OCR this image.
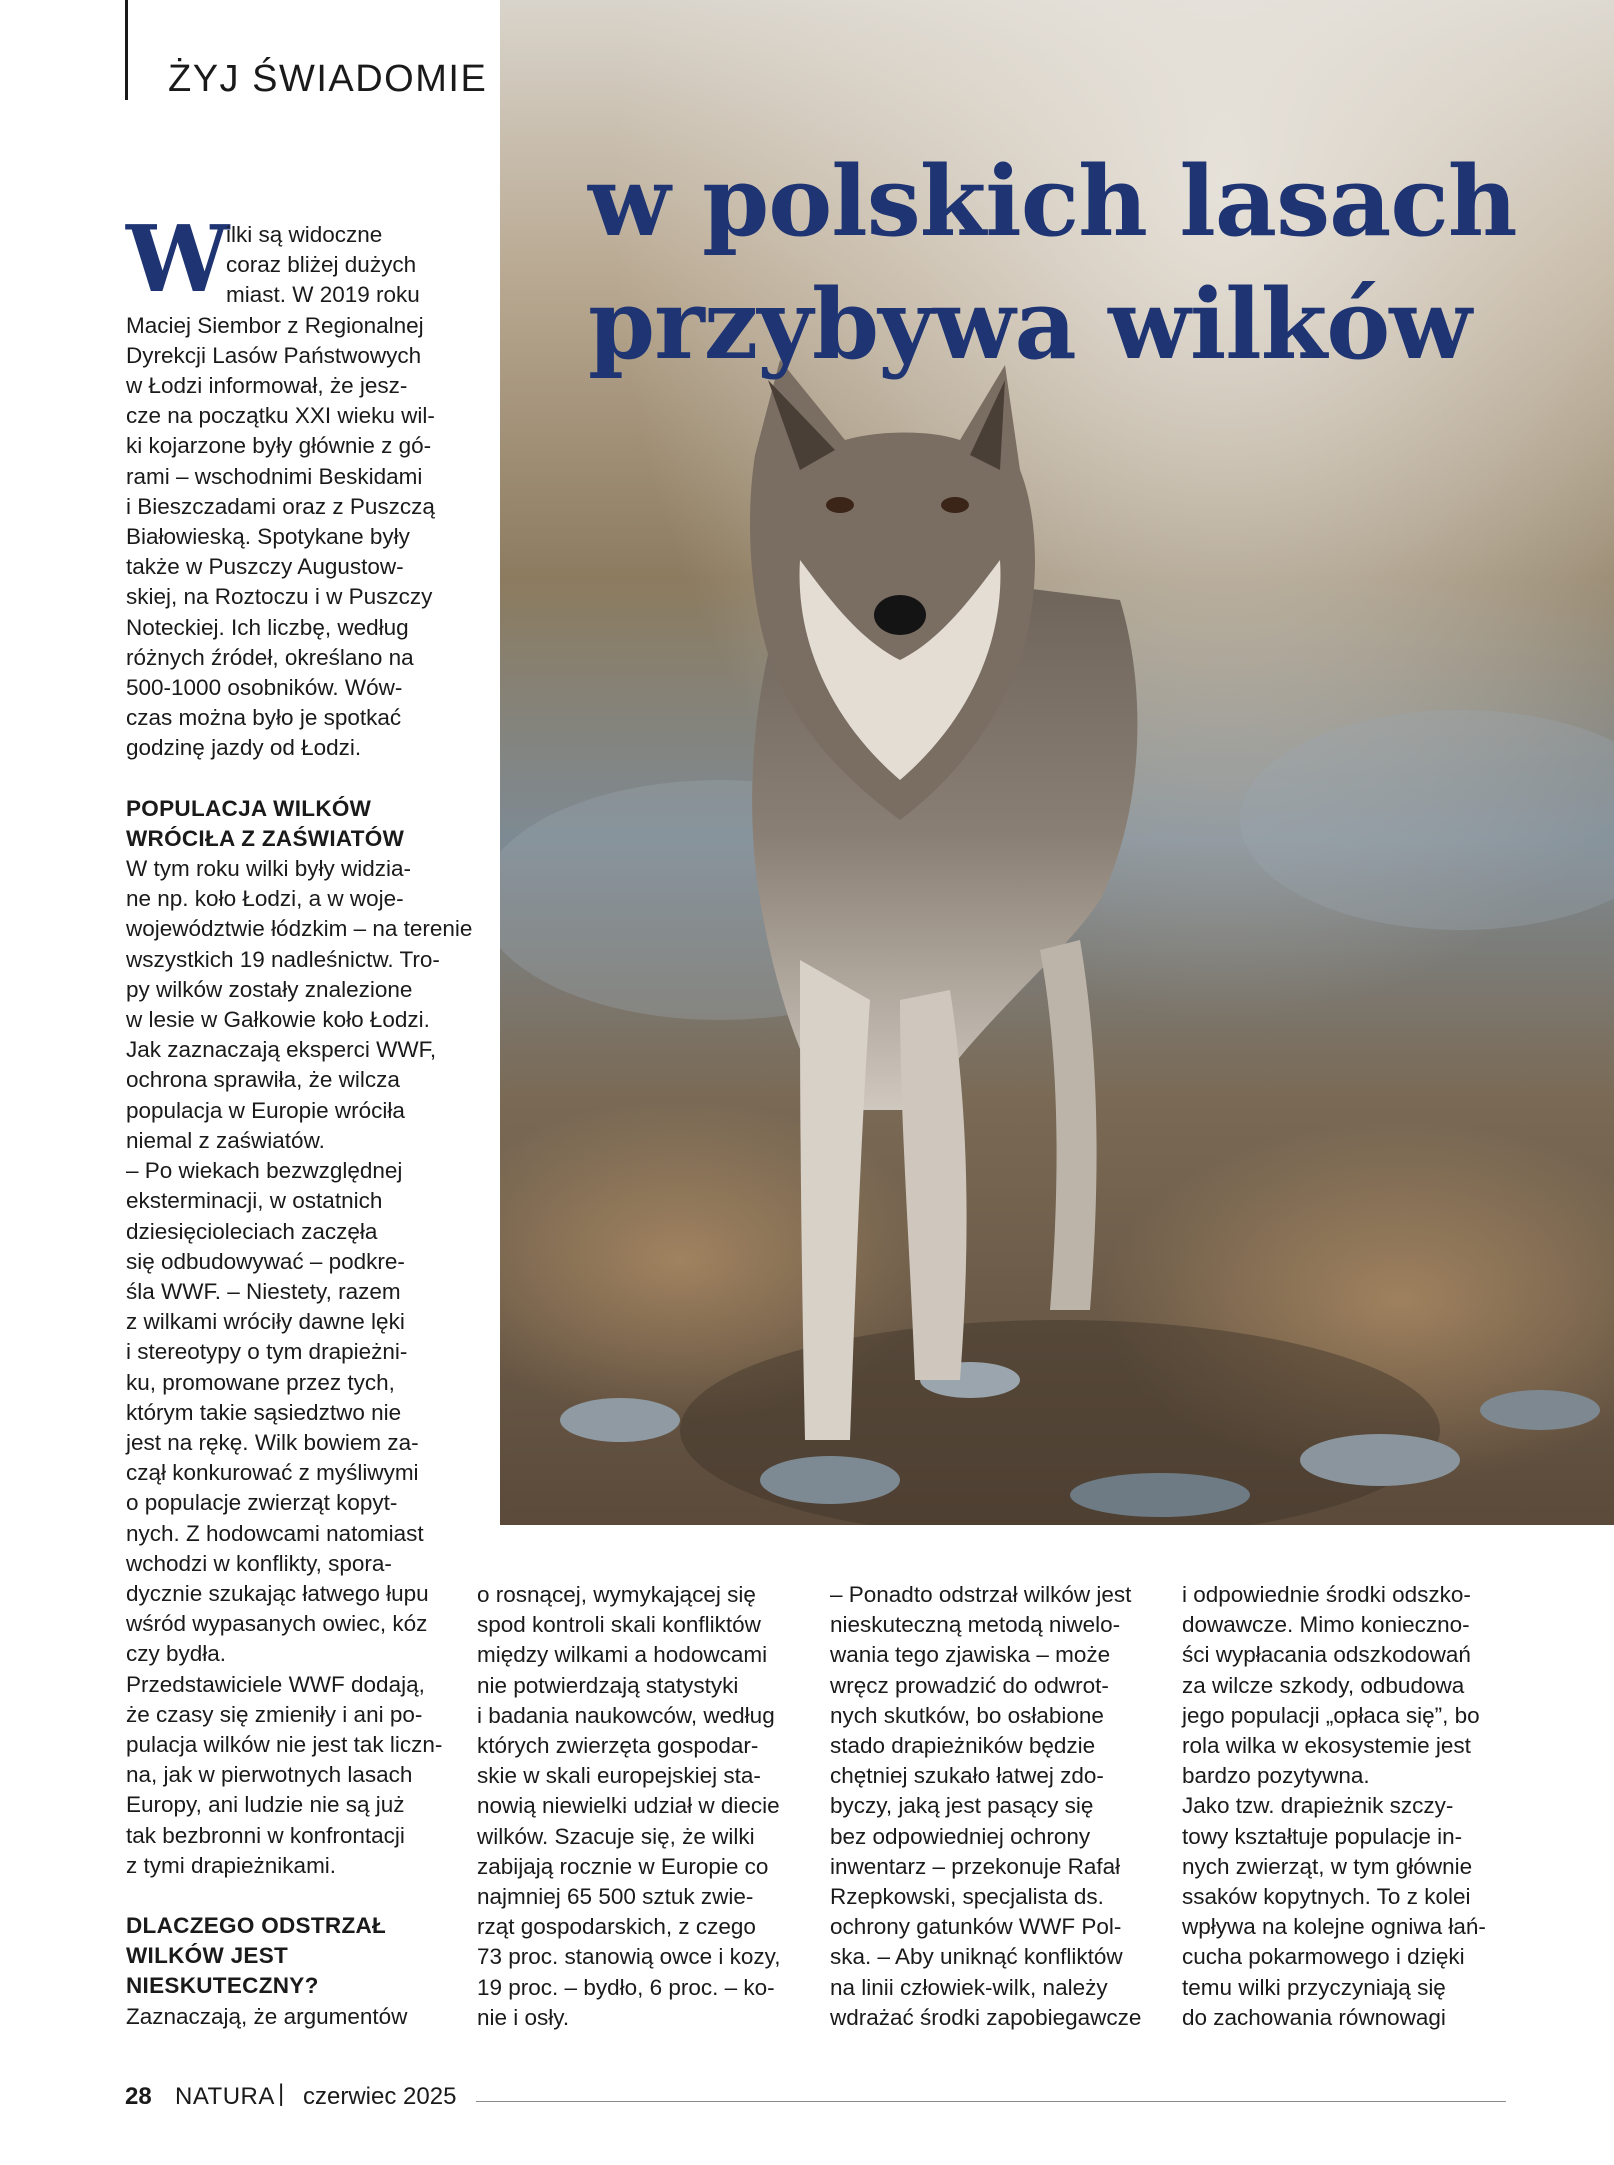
ŻYJ ŚWIADOMIE
w polskich lasach
przybywa wilków
W

ilki są widoczne

coraz bliżej dużych

miast. W 2019 roku

Maciej Siembor z Regionalnej

Dyrekcji Lasów Państwowych

w Łodzi informował, że jesz-

cze na początku XXI wieku wil-

ki kojarzone były głównie z gó-

rami – wschodnimi Beskidami

i Bieszczadami oraz z Puszczą

Białowieską. Spotykane były

także w Puszczy Augustow-

skiej, na Roztoczu i w Puszczy

Noteckiej. Ich liczbę, według

różnych źródeł, określano na

500-1000 osobników. Wów-

czas można było je spotkać

godzinę jazdy od Łodzi.

POPULACJA WILKÓW
WRÓCIŁA Z ZAŚWIATÓW

W tym roku wilki były widzia-

ne np. koło Łodzi, a w woje-

województwie łódzkim – na terenie

wszystkich 19 nadleśnictw. Tro-

py wilków zostały znalezione

w lesie w Gałkowie koło Łodzi.

Jak zaznaczają eksperci WWF,

ochrona sprawiła, że wilcza

populacja w Europie wróciła

niemal z zaświatów.

– Po wiekach bezwzględnej

eksterminacji, w ostatnich

dziesięcioleciach zaczęła

się odbudowywać – podkre-

śla WWF. – Niestety, razem

z wilkami wróciły dawne lęki

i stereotypy o tym drapieżni-

ku, promowane przez tych,

którym takie sąsiedztwo nie

jest na rękę. Wilk bowiem za-

czął konkurować z myśliwymi

o populacje zwierząt kopyt-

nych. Z hodowcami natomiast

wchodzi w konflikty, spora-

dycznie szukając łatwego łupu

wśród wypasanych owiec, kóz

czy bydła.

Przedstawiciele WWF dodają,

że czasy się zmieniły i ani po-

pulacja wilków nie jest tak liczn-

na, jak w pierwotnych lasach

Europy, ani ludzie nie są już

tak bezbronni w konfrontacji

z tymi drapieżnikami.

DLACZEGO ODSTRZAŁ
WILKÓW JEST
NIESKUTECZNY?

Zaznaczają, że argumentów

o rosnącej, wymykającej się

spod kontroli skali konfliktów

między wilkami a hodowcami

nie potwierdzają statystyki

i badania naukowców, według

których zwierzęta gospodar-

skie w skali europejskiej sta-

nowią niewielki udział w diecie

wilków. Szacuje się, że wilki

zabijają rocznie w Europie co

najmniej 65 500 sztuk zwie-

rząt gospodarskich, z czego

73 proc. stanowią owce i kozy,

19 proc. – bydło, 6 proc. – ko-

nie i osły.

– Ponadto odstrzał wilków jest

nieskuteczną metodą niwelo-

wania tego zjawiska – może

wręcz prowadzić do odwrot-

nych skutków, bo osłabione

stado drapieżników będzie

chętniej szukało łatwej zdo-

byczy, jaką jest pasący się

bez odpowiedniej ochrony

inwentarz – przekonuje Rafał

Rzepkowski, specjalista ds.

ochrony gatunków WWF Pol-

ska. – Aby uniknąć konfliktów

na linii człowiek-wilk, należy

wdrażać środki zapobiegawcze

i odpowiednie środki odszko-

dowawcze. Mimo konieczno-

ści wypłacania odszkodowań

za wilcze szkody, odbudowa

jego populacji „opłaca się”, bo

rola wilka w ekosystemie jest

bardzo pozytywna.

Jako tzw. drapieżnik szczy-

towy kształtuje populacje in-

nych zwierząt, w tym głównie

ssaków kopytnych. To z kolei

wpływa na kolejne ogniwa łań-

cucha pokarmowego i dzięki

temu wilki przyczyniają się

do zachowania równowagi

28 NATURA | czerwiec 2025
